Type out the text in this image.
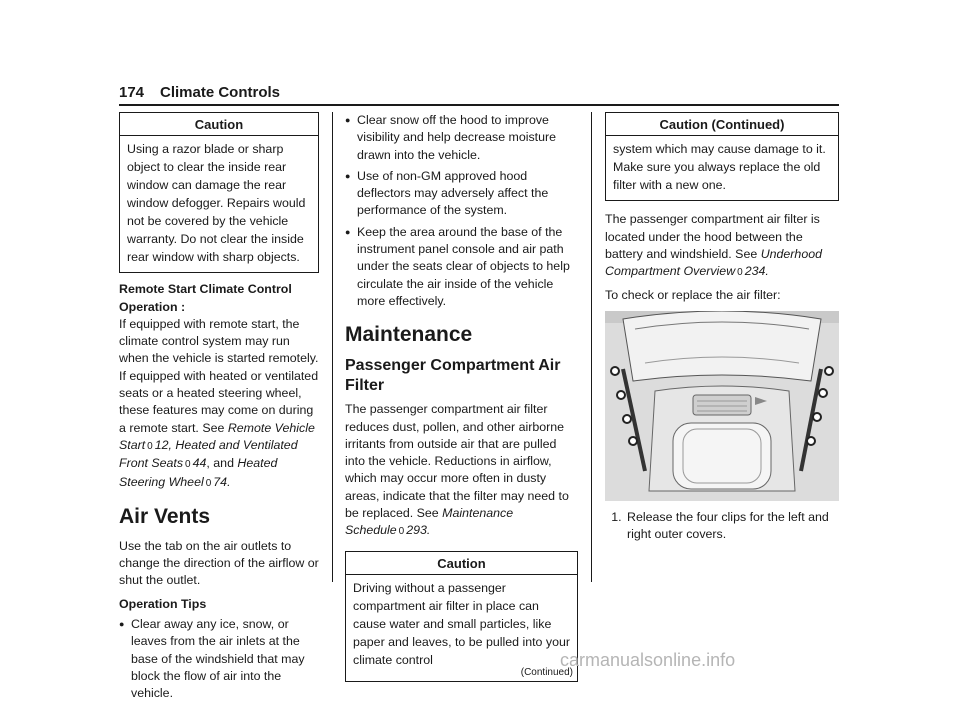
174 Climate Controls
Caution
Using a razor blade or sharp object to clear the inside rear window can damage the rear window defogger. Repairs would not be covered by the vehicle warranty. Do not clear the inside rear window with sharp objects.

Remote Start Climate Control Operation :

If equipped with remote start, the climate control system may run when the vehicle is started remotely. If equipped with heated or ventilated seats or a heated steering wheel, these features may come on during a remote start. See Remote Vehicle Start 0 12, Heated and Ventilated Front Seats 0 44, and Heated Steering Wheel 0 74.

Air Vents

Use the tab on the air outlets to change the direction of the airflow or shut the outlet.

Operation Tips

● Clear away any ice, snow, or leaves from the air inlets at the base of the windshield that may block the flow of air into the vehicle.
● Clear snow off the hood to improve visibility and help decrease moisture drawn into the vehicle.
● Use of non-GM approved hood deflectors may adversely affect the performance of the system.
● Keep the area around the base of the instrument panel console and air path under the seats clear of objects to help circulate the air inside of the vehicle more effectively.
Maintenance
Passenger Compartment Air Filter

The passenger compartment air filter reduces dust, pollen, and other airborne irritants from outside air that are pulled into the vehicle. Reductions in airflow, which may occur more often in dusty areas, indicate that the filter may need to be replaced. See Maintenance Schedule 0 293.

Caution
Driving without a passenger compartment air filter in place can cause water and small particles, like paper and leaves, to be pulled into your climate control
(Continued)
Caution (Continued)
system which may cause damage to it. Make sure you always replace the old filter with a new one.

The passenger compartment air filter is located under the hood between the battery and windshield. See Underhood Compartment Overview 0 234.

To check or replace the air filter:

1. Release the four clips for the left and right outer covers.
carmanualsonline.info
